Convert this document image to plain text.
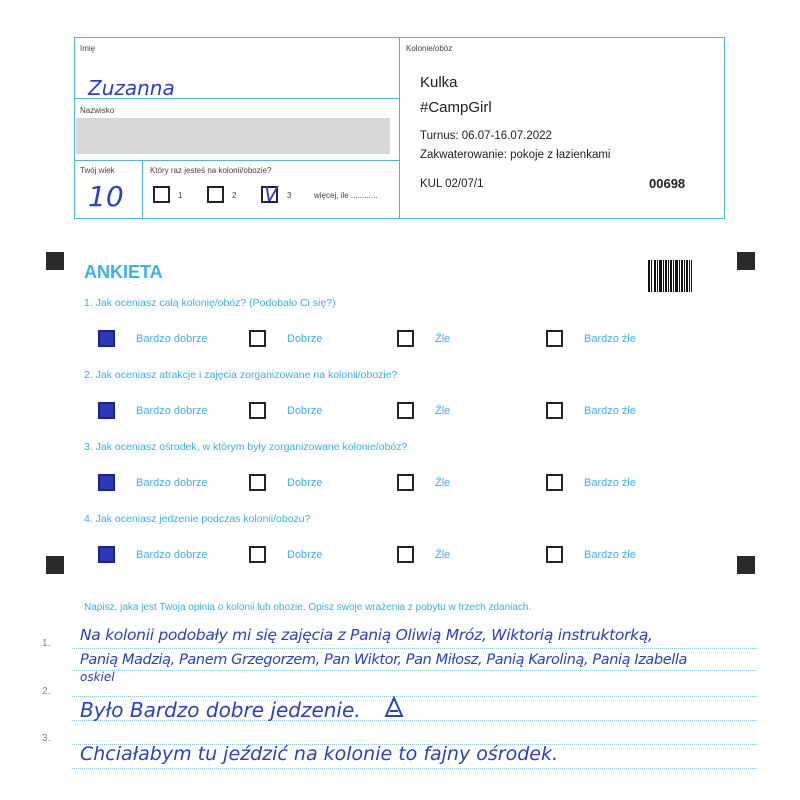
Imię
Zuzanna
Nazwisko
Twój wiek
10
Który raz jesteś na kolonii/obozie?
1	2 V 3	więcej, ile ............
Kolonie/obóz
Kulka
#CampGirl
Turnus: 06.07-16.07.2022
Zakwaterowanie: pokoje z łazienkami
KUL 02/07/1	00698
ANKIETA
1. Jak oceniasz całą kolonię/obóz? (Podobało Ci się?)
Bardzo dobrze	Dobrze	Źle	Bardzo źle
2. Jak oceniasz atrakcje i zajęcia zorganizowane na kolonii/obozie?
Bardzo dobrze	Dobrze	Źle	Bardzo źle
3. Jak oceniasz ośrodek, w którym były zorganizowane kolonie/obóz?
Bardzo dobrze	Dobrze	Źle	Bardzo źle
4. Jak oceniasz jedzenie podczas kolonii/obozu?
Bardzo dobrze	Dobrze	Źle	Bardzo źle
Napisz, jaka jest Twoja opinia o kolonii lub obozie. Opisz swoje wrażenia z pobytu w trzech zdaniach.
1.
2.
3.
Na kolonii podobały mi się zajęcia z Panią Oliwią Mróz, Wiktorią instruktorką,
Panią Madzią, Panem Grzegorzem, Pan Wiktor, Pan Miłosz, Panią Karoliną, Panią Izabella
oskiel
Było Bardzo dobre jedzenie.
Chciałabym tu jeździć na kolonie to fajny ośrodek.
